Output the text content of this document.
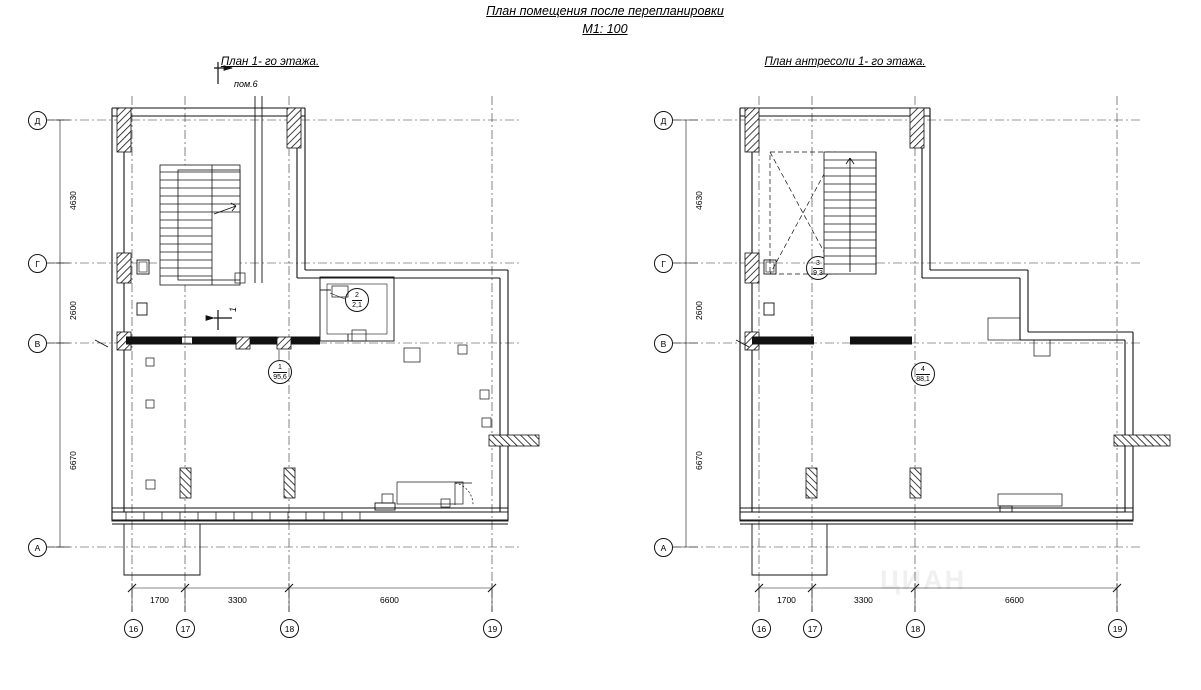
План помещения после перепланировки
М1: 100
План 1- го этажа.
пом.6
План антресоли 1- го этажа.
ЦИАН
Д
Г
В
А
16	17	18	19
4630
2600
6670
1700	3300	6600
1
95,6
2
2,1
1
Д
Г
В
А
16	17	18	19
4630
2600
6670
1700	3300	6600
3
9,3
4
88,1
